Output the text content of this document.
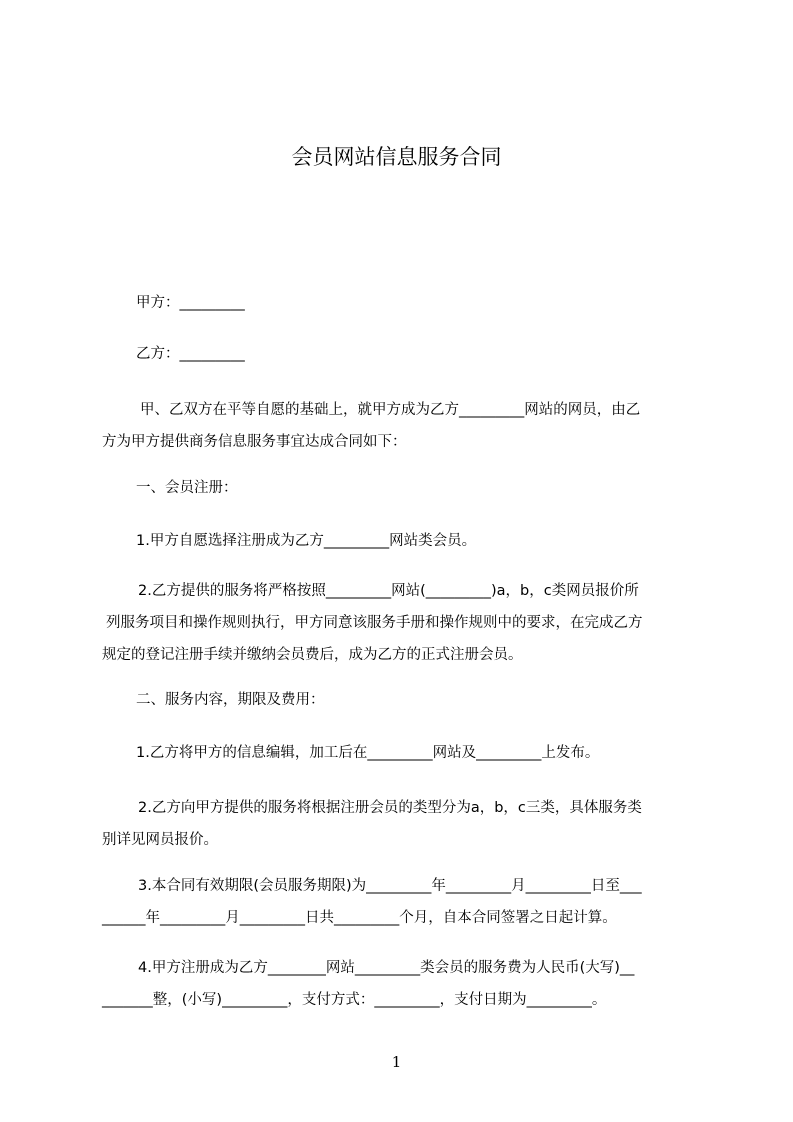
会员网站信息服务合同
甲方：_________
乙方：_________
甲、乙双方在平等自愿的基础上，就甲方成为乙方_________网站的网员，由乙
方为甲方提供商务信息服务事宜达成合同如下：
一、会员注册：
1.甲方自愿选择注册成为乙方_________网站类会员。
2.乙方提供的服务将严格按照_________网站(_________)a，b，c类网员报价所
列服务项目和操作规则执行，甲方同意该服务手册和操作规则中的要求，在完成乙方
规定的登记注册手续并缴纳会员费后，成为乙方的正式注册会员。
二、服务内容，期限及费用：
1.乙方将甲方的信息编辑，加工后在_________网站及_________上发布。
2.乙方向甲方提供的服务将根据注册会员的类型分为a，b，c三类，具体服务类
别详见网员报价。
3.本合同有效期限(会员服务期限)为_________年_________月_________日至___
______年_________月_________日共_________个月，自本合同签署之日起计算。
4.甲方注册成为乙方________网站_________类会员的服务费为人民币(大写)__
_______整，(小写)_________，支付方式：_________，支付日期为_________。
1
